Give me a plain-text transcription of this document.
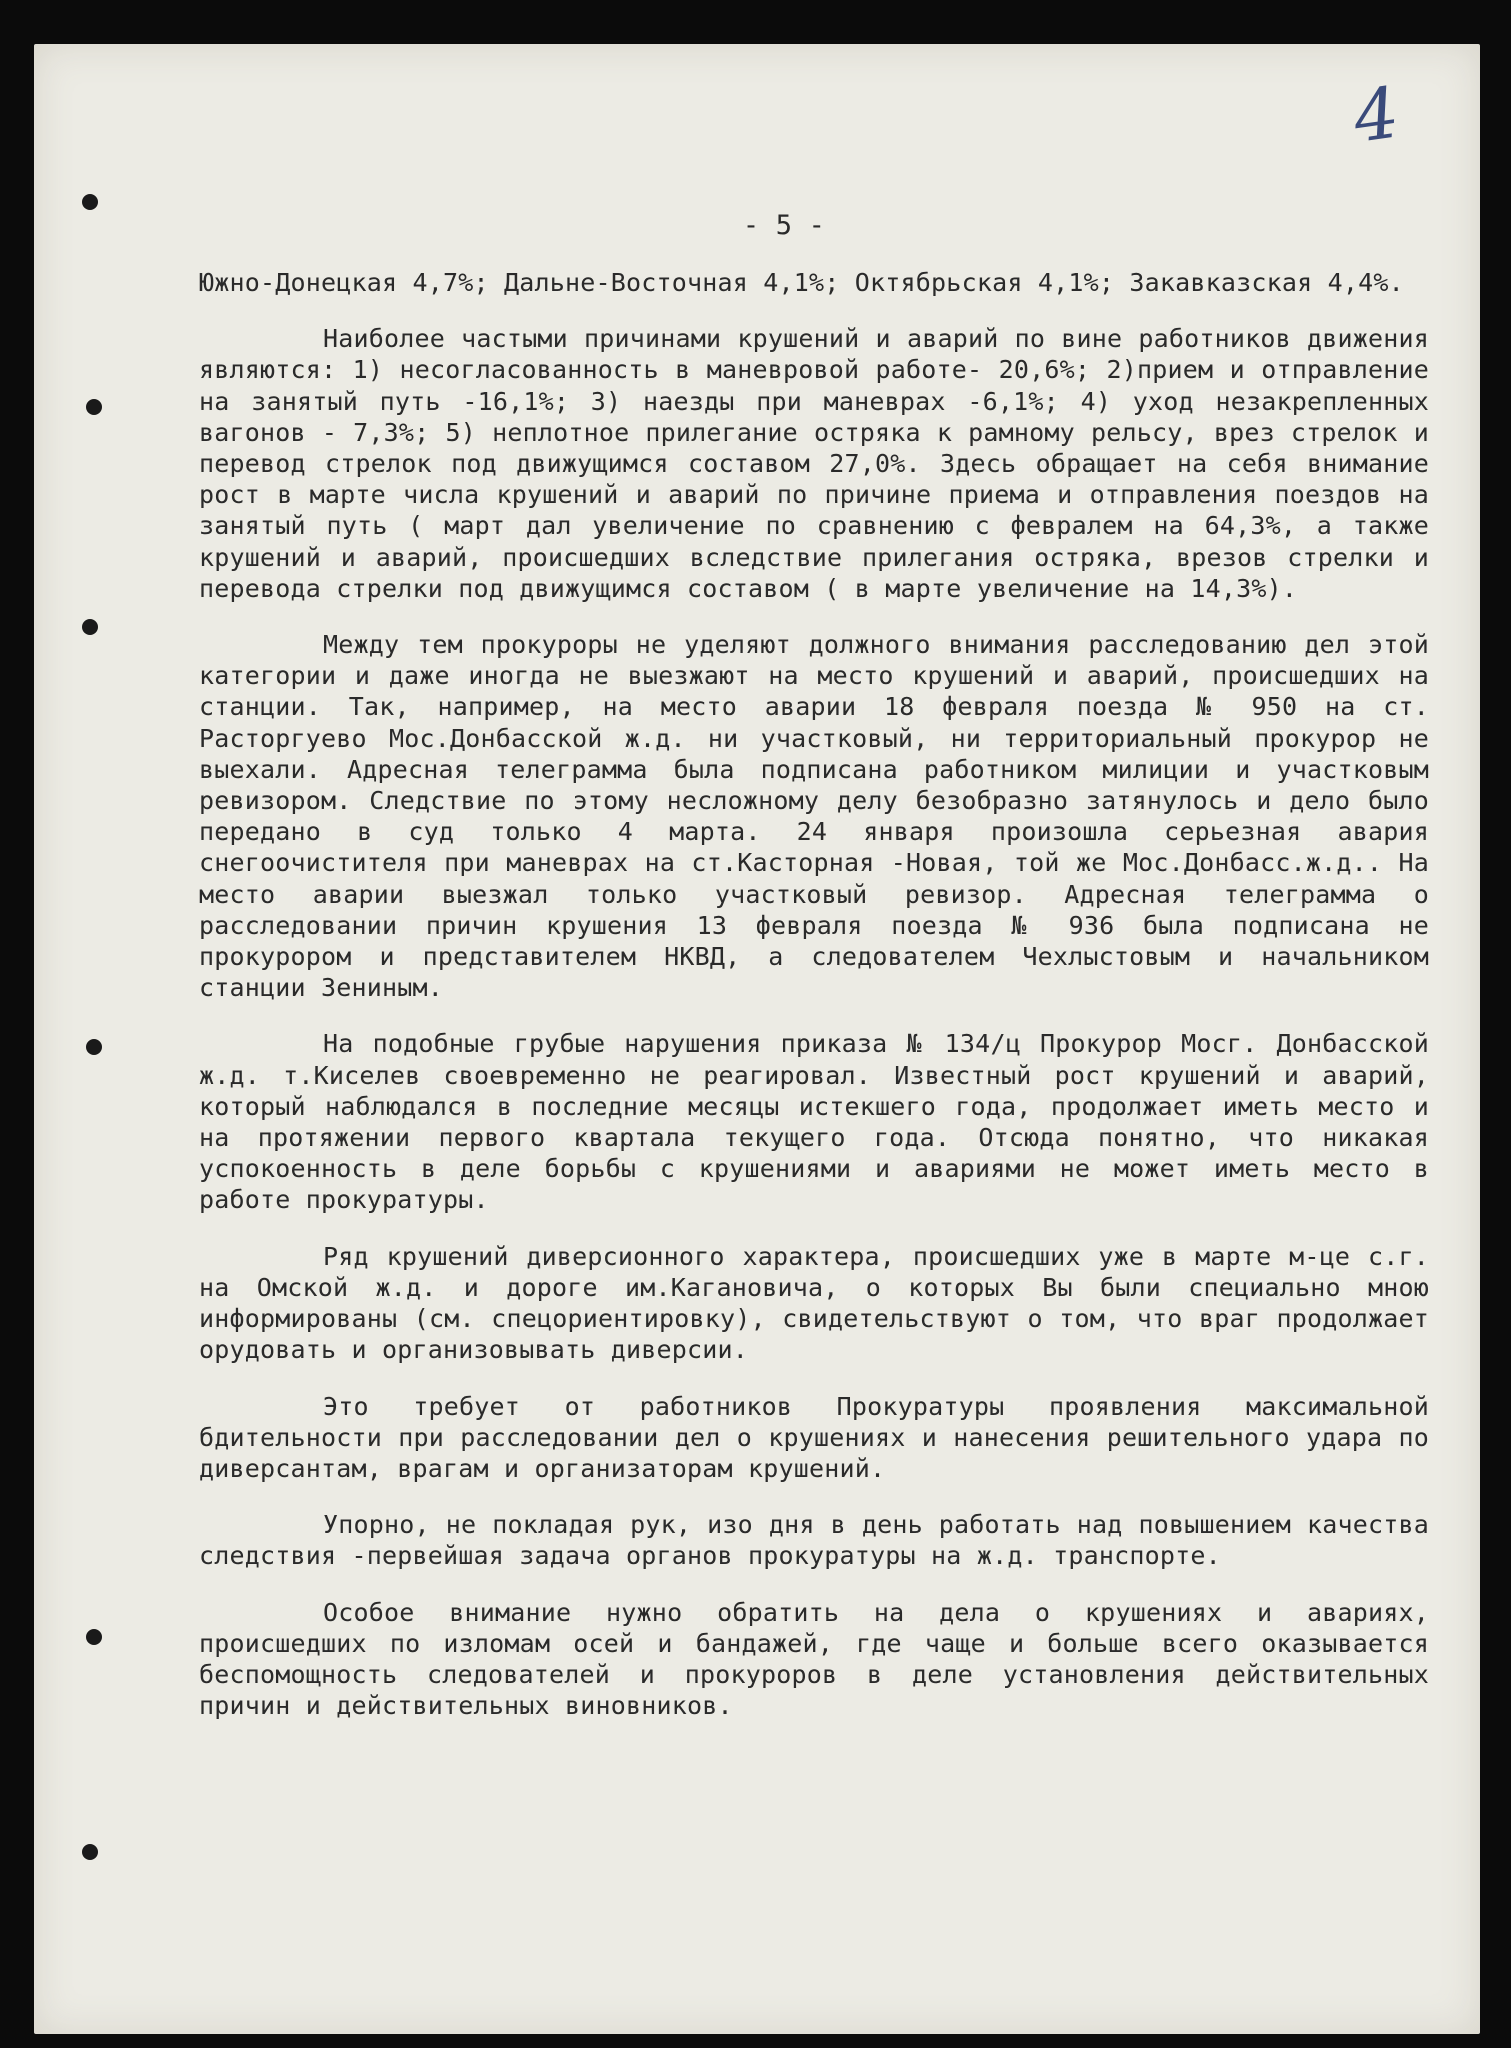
4
- 5 -

Южно-Донецкая 4,7%; Дальне-Восточная 4,1%; Октябрьская 4,1%; Закавказская 4,4%.

Наиболее частыми причинами крушений и аварий по вине работников движения являются: 1) несогласованность в маневровой работе- 20,6%; 2)прием и отправление на занятый путь -16,1%; 3) наезды при маневрах -6,1%; 4) уход незакрепленных вагонов - 7,3%; 5) неплотное прилегание остряка к рамному рельсу, врез стрелок и перевод стрелок под движущимся составом 27,0%. Здесь обращает на себя внимание рост в марте числа крушений и аварий по причине приема и отправления поездов на занятый путь ( март дал увеличение по сравнению с февралем на 64,3%, а также крушений и аварий, происшедших вследствие прилегания остряка, врезов стрелки и перевода стрелки под движущимся составом ( в марте увеличение на 14,3%).

Между тем прокуроры не уделяют должного внимания расследованию дел этой категории и даже иногда не выезжают на место крушений и аварий, происшедших на станции. Так, например, на место аварии 18 февраля поезда № 950 на ст. Расторгуево Мос.Донбасской ж.д. ни участковый, ни территориальный прокурор не выехали. Адресная телеграмма была подписана работником милиции и участковым ревизором. Следствие по этому несложному делу безобразно затянулось и дело было передано в суд только 4 марта. 24 января произошла серьезная авария снегоочистителя при маневрах на ст.Касторная -Новая, той же Мос.Донбасс.ж.д.. На место аварии выезжал только участковый ревизор. Адресная телеграмма о расследовании причин крушения 13 февраля поезда № 936 была подписана не прокурором и представителем НКВД, а следователем Чехлыстовым и начальником станции Зениным.

На подобные грубые нарушения приказа № 134/ц Прокурор Мосг. Донбасской ж.д. т.Киселев своевременно не реагировал. Известный рост крушений и аварий, который наблюдался в последние месяцы истекшего года, продолжает иметь место и на протяжении первого квартала текущего года. Отсюда понятно, что никакая успокоенность в деле борьбы с крушениями и авариями не может иметь место в работе прокуратуры.

Ряд крушений диверсионного характера, происшедших уже в марте м-це с.г. на Омской ж.д. и дороге им.Кагановича, о которых Вы были специально мною информированы (см. спецориентировку), свидетельствуют о том, что враг продолжает орудовать и организовывать диверсии.

Это требует от работников Прокуратуры проявления максимальной бдительности при расследовании дел о крушениях и нанесения решительного удара по диверсантам, врагам и организаторам крушений.

Упорно, не покладая рук, изо дня в день работать над повышением качества следствия -первейшая задача органов прокуратуры на ж.д. транспорте.

Особое внимание нужно обратить на дела о крушениях и авариях, происшедших по изломам осей и бандажей, где чаще и больше всего оказывается беспомощность следователей и прокуроров в деле установления действительных причин и действительных виновников.
